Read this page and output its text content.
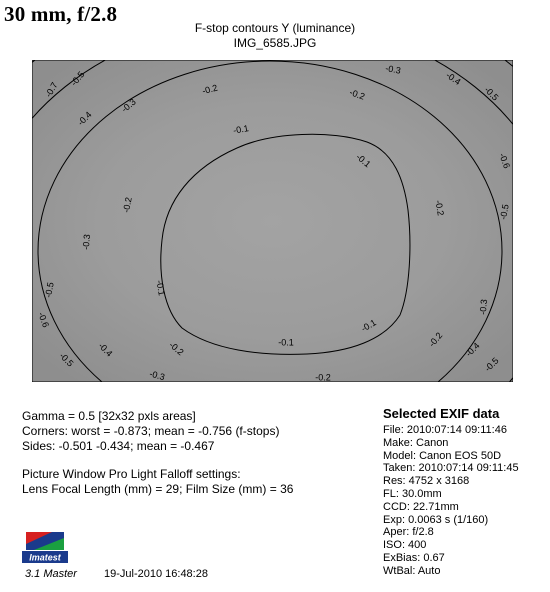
30 mm, f/2.8
F-stop contours Y (luminance)
IMG_6585.JPG
-0.1
-0.1
-0.1
-0.1
-0.1
-0.2	-0.2
-0.2	-0.2
-0.2
-0.2
-0.2
-0.3
-0.3
-0.3
-0.3
-0.3
-0.4
-0.4
-0.4	-0.4
-0.5
-0.5
-0.5
-0.5
-0.5	-0.5
-0.6
-0.6
-0.7
Gamma = 0.5 [32x32 pxls areas]
Corners: worst = -0.873; mean = -0.756 (f-stops)
Sides: -0.501 -0.434; mean = -0.467
Picture Window Pro Light Falloff settings:
Lens Focal Length (mm) = 29; Film Size (mm) = 36
Selected EXIF data
File: 2010:07:14 09:11:46
Make: Canon
Model: Canon EOS 50D
Taken: 2010:07:14 09:11:45
Res: 4752 x 3168
FL: 30.0mm
CCD: 22.71mm
Exp: 0.0063 s (1/160)
Aper: f/2.8
ISO: 400
ExBias: 0.67
WtBal: Auto
Imatest
3.1 Master 19-Jul-2010 16:48:28
